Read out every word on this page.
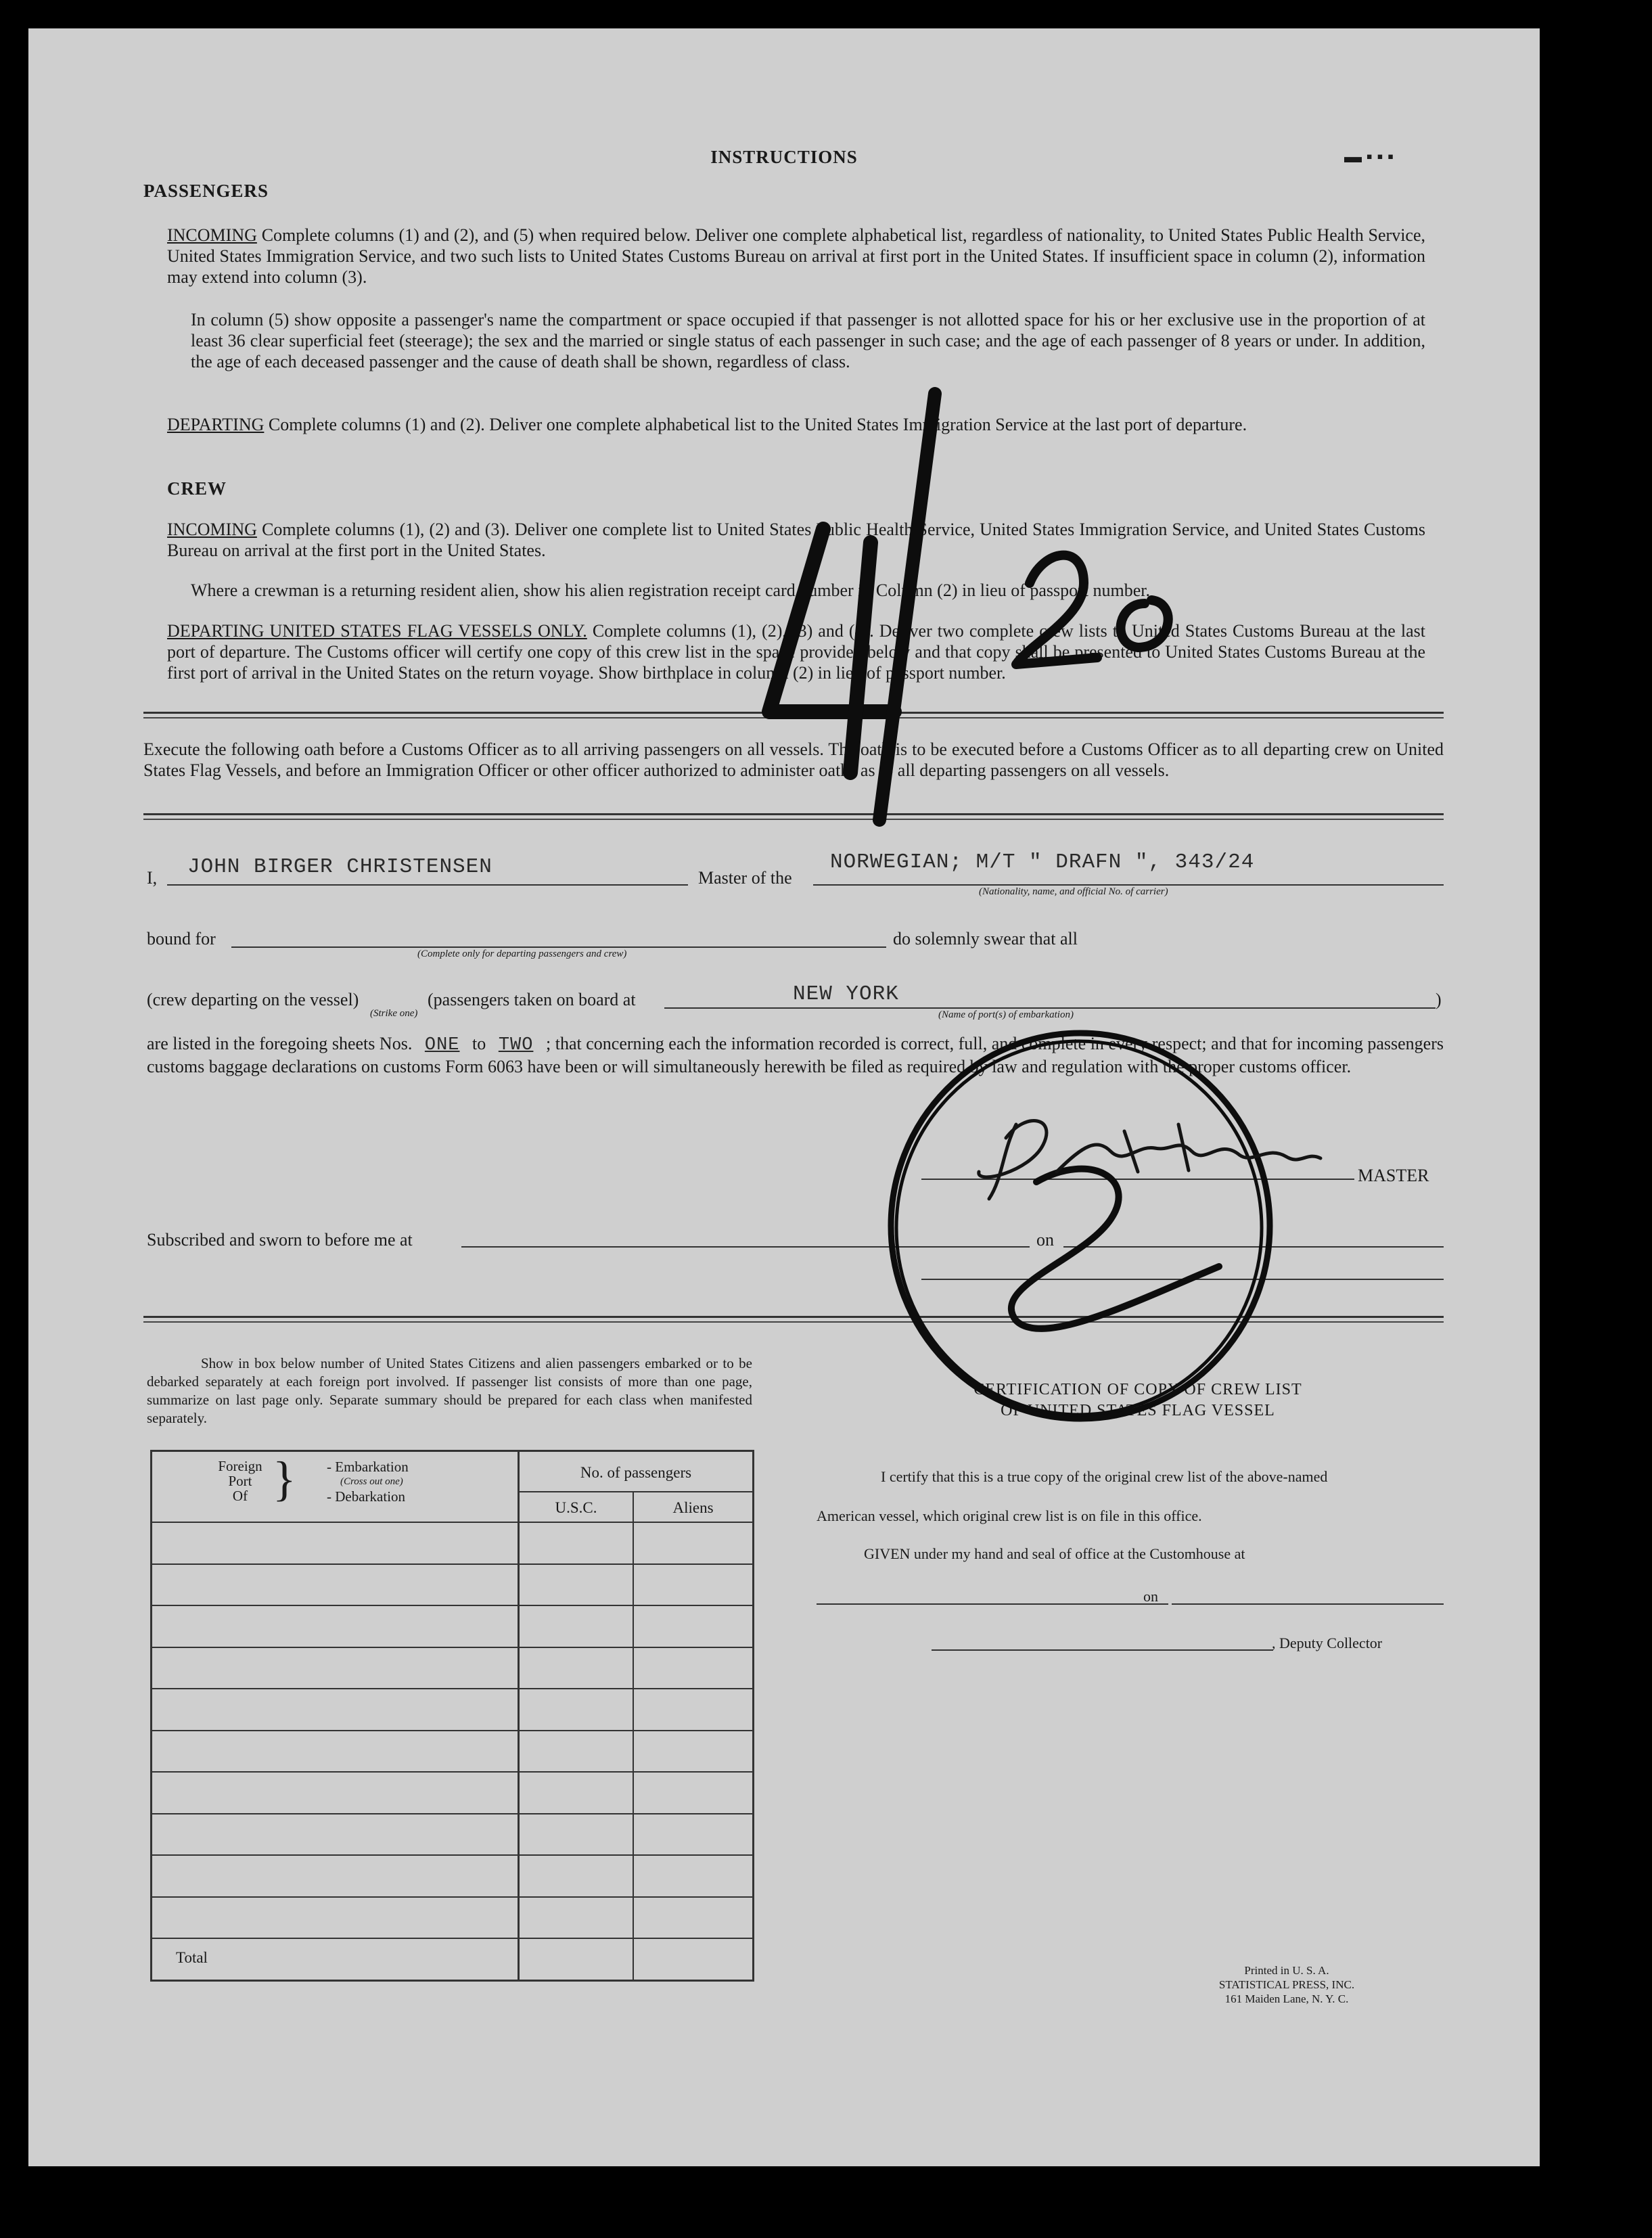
INSTRUCTIONS	▬ ▪ ▪ ▪
PASSENGERS
INCOMING Complete columns (1) and (2), and (5) when required below. Deliver one complete alphabetical list, regardless of nationality, to United States Public Health Service, United States Immigration Service, and two such lists to United States Customs Bureau on arrival at first port in the United States. If insufficient space in column (2), information may extend into column (3).
In column (5) show opposite a passenger's name the compartment or space occupied if that passenger is not allotted space for his or her exclusive use in the proportion of at least 36 clear superficial feet (steerage); the sex and the married or single status of each passenger in such case; and the age of each passenger of 8 years or under. In addition, the age of each deceased passenger and the cause of death shall be shown, regardless of class.
DEPARTING Complete columns (1) and (2). Deliver one complete alphabetical list to the United States Immigration Service at the last port of departure.
CREW
INCOMING Complete columns (1), (2) and (3). Deliver one complete list to United States Public Health Service, United States Immigration Service, and United States Customs Bureau on arrival at the first port in the United States.
Where a crewman is a returning resident alien, show his alien registration receipt card number in Column (2) in lieu of passport number.
DEPARTING UNITED STATES FLAG VESSELS ONLY. Complete columns (1), (2), (3) and (4). Deliver two complete crew lists to United States Customs Bureau at the last port of departure. The Customs officer will certify one copy of this crew list in the space provided below and that copy shall be presented to United States Customs Bureau at the first port of arrival in the United States on the return voyage. Show birthplace in column (2) in lieu of passport number.
Execute the following oath before a Customs Officer as to all arriving passengers on all vessels. The oath is to be executed before a Customs Officer as to all departing crew on United States Flag Vessels, and before an Immigration Officer or other officer authorized to administer oaths as to all departing passengers on all vessels.
I, JOHN BIRGER CHRISTENSEN	Master of the
NORWEGIAN; M/T " DRAFN ", 343/24
(Nationality, name, and official No. of carrier)
bound for
(Complete only for departing passengers and crew)
do solemnly swear that all
(crew departing on the vessel)
(Strike one)
(passengers taken on board at	NEW YORK
(Name of port(s) of embarkation)
)
are listed in the foregoing sheets Nos. ONE to TWO ; that concerning each the information recorded is correct, full, and complete in every respect; and that for incoming passengers customs baggage declarations on customs Form 6063 have been or will simultaneously herewith be filed as required by law and regulation with the proper customs officer.
MASTER
Subscribed and sworn to before me at	on
Show in box below number of United States Citizens and alien passengers embarked or to be debarked separately at each foreign port involved. If passenger list consists of more than one page, summarize on last page only. Separate summary should be prepared for each class when manifested separately.
Foreign
Port
Of } - Embarkation
(Cross out one)
- Debarkation
No. of passengers
U.S.C.	Aliens
Total
CERTIFICATION OF COPY OF CREW LIST
OF UNITED STATES FLAG VESSEL
I certify that this is a true copy of the original crew list of the above-named
American vessel, which original crew list is on file in this office.
GIVEN under my hand and seal of office at the Customhouse at
on
, Deputy Collector
Printed in U. S. A.
STATISTICAL PRESS, INC.
161 Maiden Lane, N. Y. C.
